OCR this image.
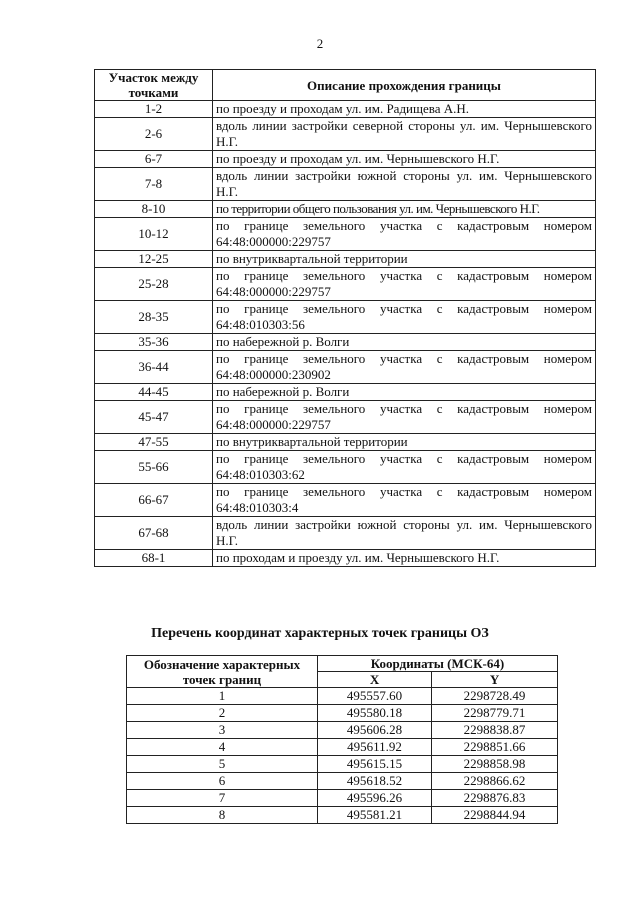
2
Участок между точками	Описание прохождения границы
1-2	по проезду и проходам ул. им. Радищева А.Н.
2-6	вдоль линии застройки северной стороны ул. им. Чернышевского Н.Г.
6-7	по проезду и проходам ул. им. Чернышевского Н.Г.
7-8	вдоль линии застройки южной стороны ул. им. Чернышевского Н.Г.
8-10	по территории общего пользования ул. им. Чернышевского Н.Г.
10-12	по границе земельного участка с кадастровым номером 64:48:000000:229757
12-25	по внутриквартальной территории
25-28	по границе земельного участка с кадастровым номером 64:48:000000:229757
28-35	по границе земельного участка с кадастровым номером 64:48:010303:56
35-36	по набережной р. Волги
36-44	по границе земельного участка с кадастровым номером 64:48:000000:230902
44-45	по набережной р. Волги
45-47	по границе земельного участка с кадастровым номером 64:48:000000:229757
47-55	по внутриквартальной территории
55-66	по границе земельного участка с кадастровым номером 64:48:010303:62
66-67	по границе земельного участка с кадастровым номером 64:48:010303:4
67-68	вдоль линии застройки южной стороны ул. им. Чернышевского Н.Г.
68-1	по проходам и проезду ул. им. Чернышевского Н.Г.
Перечень координат характерных точек границы ОЗ
Обозначение характерных точек границ	Координаты (МСК-64)	
	X	Y
1	495557.60	2298728.49
2	495580.18	2298779.71
3	495606.28	2298838.87
4	495611.92	2298851.66
5	495615.15	2298858.98
6	495618.52	2298866.62
7	495596.26	2298876.83
8	495581.21	2298844.94
